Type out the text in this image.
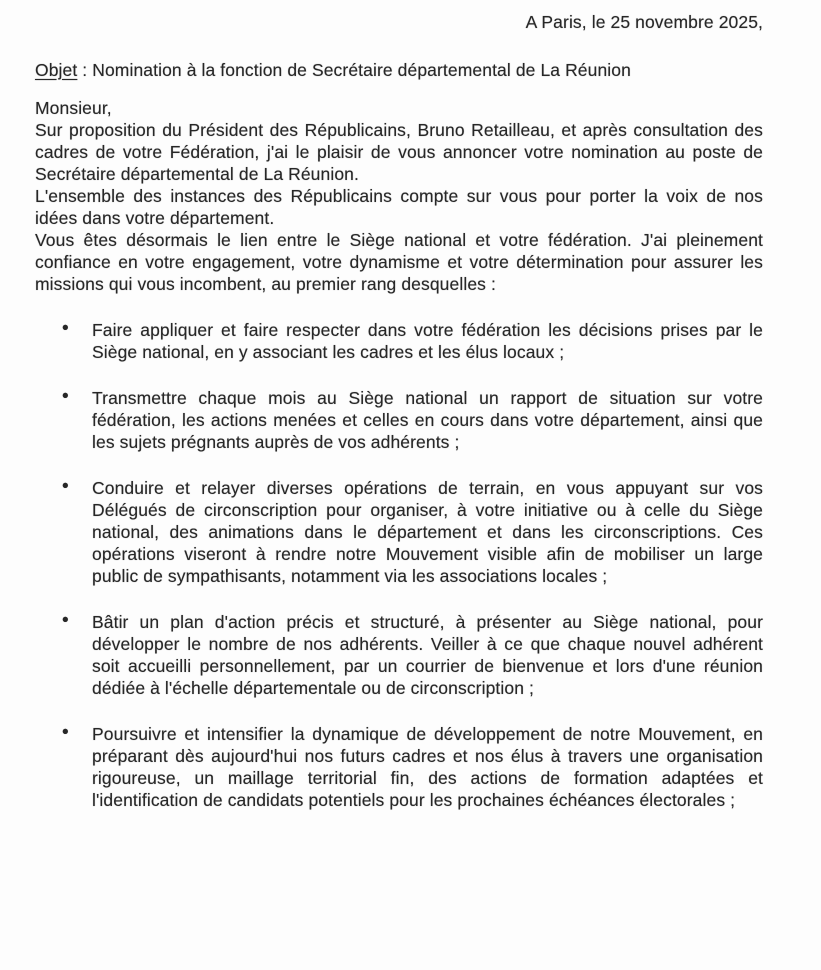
A Paris, le 25 novembre 2025,
Objet : Nomination à la fonction de Secrétaire départemental de La Réunion
Monsieur,

Sur proposition du Président des Républicains, Bruno Retailleau, et après consultation des cadres de votre Fédération, j'ai le plaisir de vous annoncer votre nomination au poste de Secrétaire départemental de La Réunion.

L'ensemble des instances des Républicains compte sur vous pour porter la voix de nos idées dans votre département.

Vous êtes désormais le lien entre le Siège national et votre fédération. J'ai pleinement confiance en votre engagement, votre dynamisme et votre détermination pour assurer les missions qui vous incombent, au premier rang desquelles :

• Faire appliquer et faire respecter dans votre fédération les décisions prises par le Siège national, en y associant les cadres et les élus locaux ;
• Transmettre chaque mois au Siège national un rapport de situation sur votre fédération, les actions menées et celles en cours dans votre département, ainsi que les sujets prégnants auprès de vos adhérents ;
• Conduire et relayer diverses opérations de terrain, en vous appuyant sur vos Délégués de circonscription pour organiser, à votre initiative ou à celle du Siège national, des animations dans le département et dans les circonscriptions. Ces opérations viseront à rendre notre Mouvement visible afin de mobiliser un large public de sympathisants, notamment via les associations locales ;
• Bâtir un plan d'action précis et structuré, à présenter au Siège national, pour développer le nombre de nos adhérents. Veiller à ce que chaque nouvel adhérent soit accueilli personnellement, par un courrier de bienvenue et lors d'une réunion dédiée à l'échelle départementale ou de circonscription ;
• Poursuivre et intensifier la dynamique de développement de notre Mouvement, en préparant dès aujourd'hui nos futurs cadres et nos élus à travers une organisation rigoureuse, un maillage territorial fin, des actions de formation adaptées et l'identification de candidats potentiels pour les prochaines échéances électorales ;
